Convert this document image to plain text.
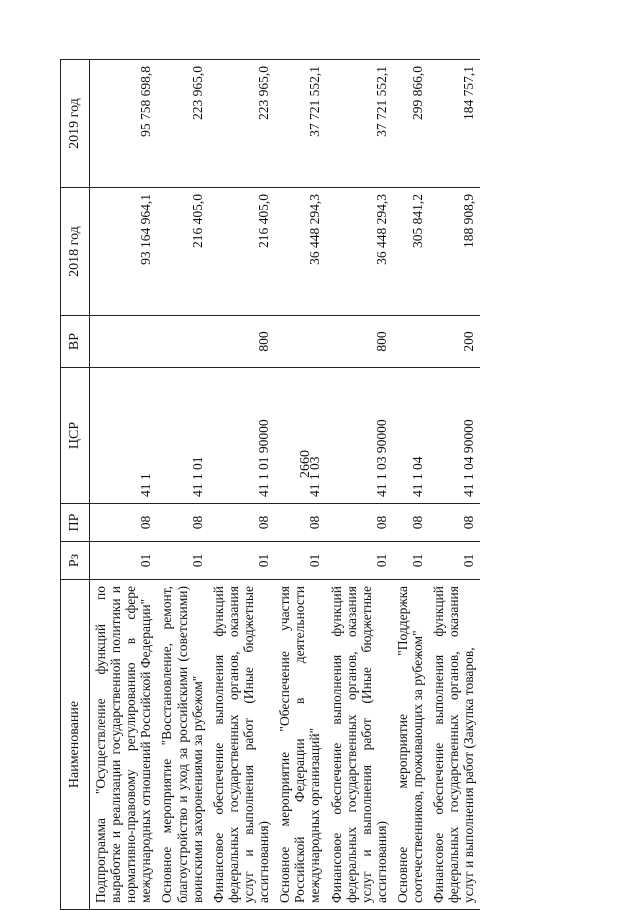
2660
Наименование	Рз	ПР	ЦСР	ВР	2018 год	2019 год
Подпрограмма "Осуществление функций по выработке и реализации государственной политики и нормативно-правовому регулированию в сфере международных отношений Российской Федерации"	01	08	41 1		93 164 964,1	95 758 698,8
Основное мероприятие "Восстановление, ремонт, благоустройство и уход за российскими (советскими) воинскими захоронениями за рубежом"	01	08	41 1 01		216 405,0	223 965,0
Финансовое обеспечение выполнения функций федеральных государственных органов, оказания услуг и выполнения работ (Иные бюджетные ассигнования)	01	08	41 1 01 90000	800	216 405,0	223 965,0
Основное мероприятие "Обеспечение участия Российской Федерации в деятельности международных организаций"	01	08	41 1 03		36 448 294,3	37 721 552,1
Финансовое обеспечение выполнения функций федеральных государственных органов, оказания услуг и выполнения работ (Иные бюджетные ассигнования)	01	08	41 1 03 90000	800	36 448 294,3	37 721 552,1
Основное мероприятие "Поддержка соотечественников, проживающих за рубежом"	01	08	41 1 04		305 841,2	299 866,0
Финансовое обеспечение выполнения функций федеральных государственных органов, оказания услуг и выполнения работ (Закупка товаров,	01	08	41 1 04 90000	200	188 908,9	184 757,1
